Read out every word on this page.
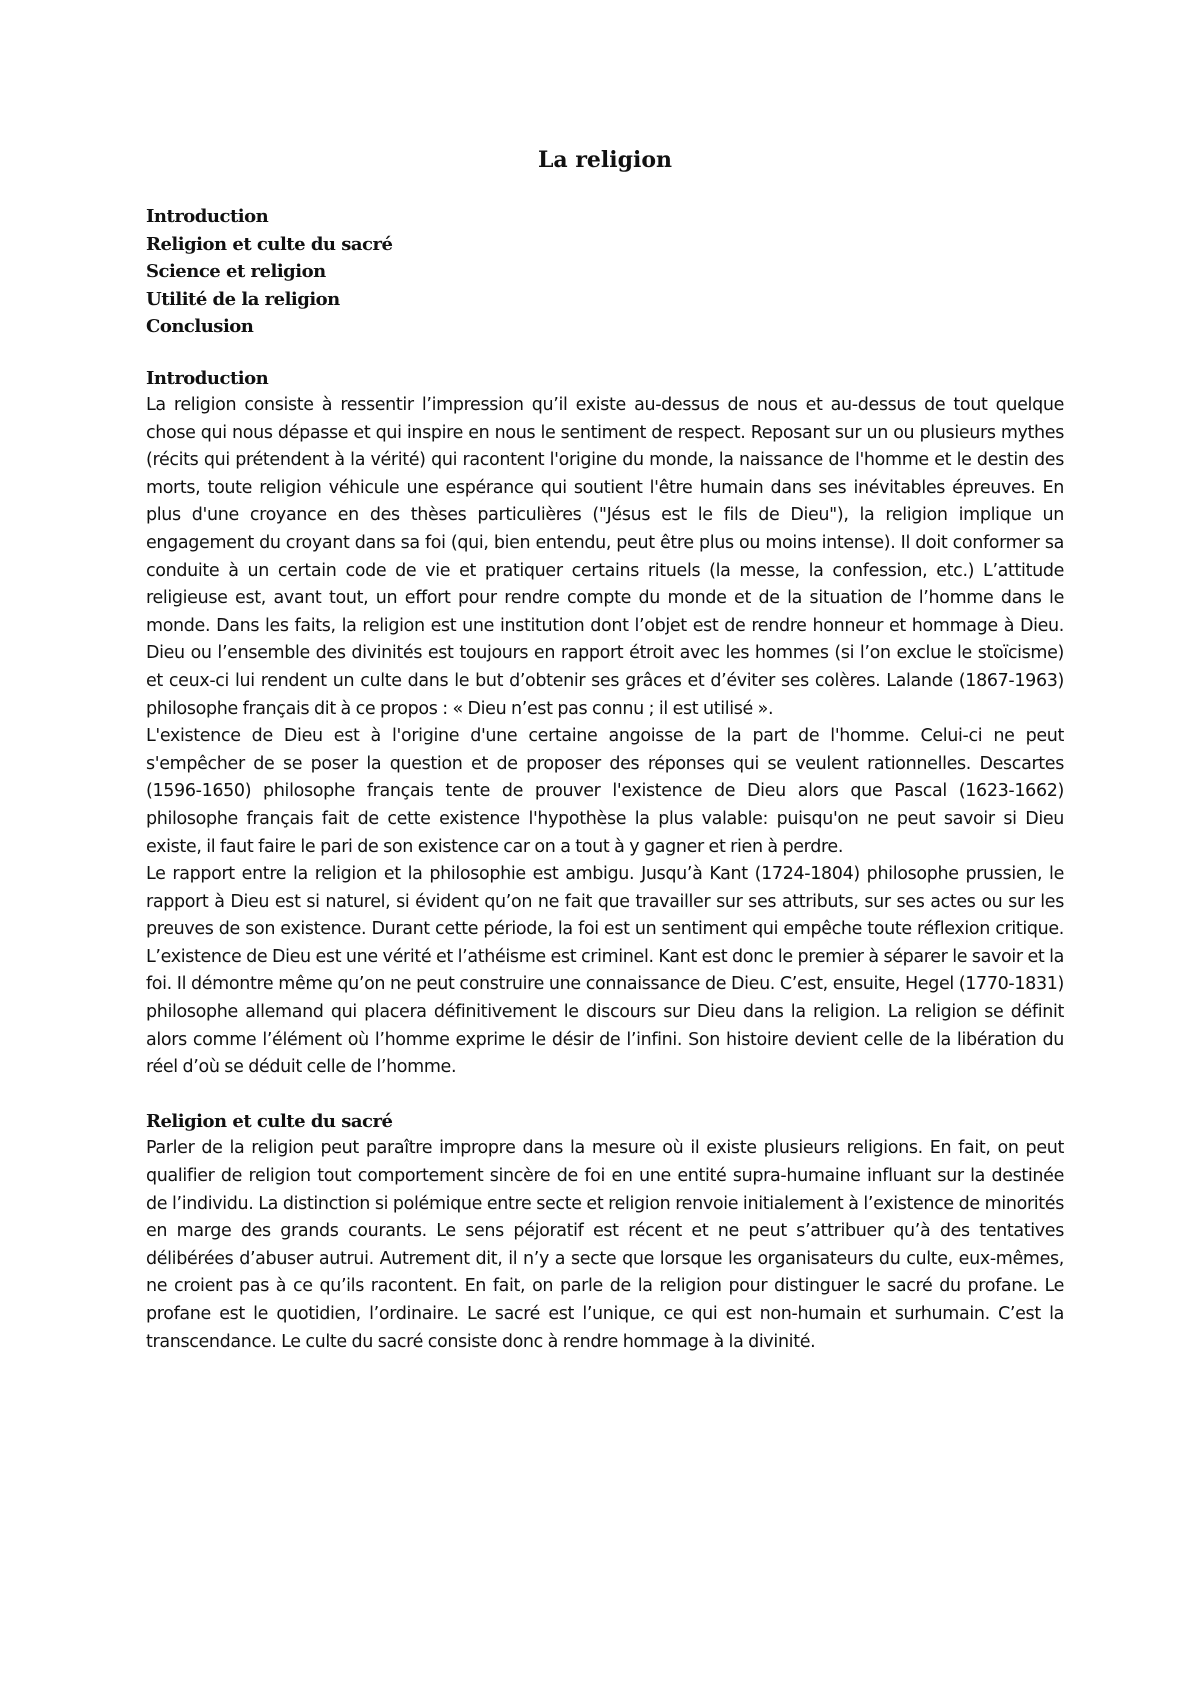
La religion
Introduction
Religion et culte du sacré
Science et religion
Utilité de la religion
Conclusion
Introduction

La religion consiste à ressentir l’impression qu’il existe au-dessus de nous et au-dessus de tout quelque chose qui nous dépasse et qui inspire en nous le sentiment de respect. Reposant sur un ou plusieurs mythes (récits qui prétendent à la vérité) qui racontent l'origine du monde, la naissance de l'homme et le destin des morts, toute religion véhicule une espérance qui soutient l'être humain dans ses inévitables épreuves. En plus d'une croyance en des thèses particulières ("Jésus est le fils de Dieu"), la religion implique un engagement du croyant dans sa foi (qui, bien entendu, peut être plus ou moins intense). Il doit conformer sa conduite à un certain code de vie et pratiquer certains rituels (la messe, la confession, etc.) L’attitude religieuse est, avant tout, un effort pour rendre compte du monde et de la situation de l’homme dans le monde. Dans les faits, la religion est une institution dont l’objet est de rendre honneur et hommage à Dieu. Dieu ou l’ensemble des divinités est toujours en rapport étroit avec les hommes (si l’on exclue le stoïcisme) et ceux-ci lui rendent un culte dans le but d’obtenir ses grâces et d’éviter ses colères. Lalande (1867-1963) philosophe français dit à ce propos : « Dieu n’est pas connu ; il est utilisé ».

L'existence de Dieu est à l'origine d'une certaine angoisse de la part de l'homme. Celui-ci ne peut s'empêcher de se poser la question et de proposer des réponses qui se veulent rationnelles. Descartes (1596-1650) philosophe français tente de prouver l'existence de Dieu alors que Pascal (1623-1662) philosophe français fait de cette existence l'hypothèse la plus valable: puisqu'on ne peut savoir si Dieu existe, il faut faire le pari de son existence car on a tout à y gagner et rien à perdre.

Le rapport entre la religion et la philosophie est ambigu. Jusqu’à Kant (1724-1804) philosophe prussien, le rapport à Dieu est si naturel, si évident qu’on ne fait que travailler sur ses attributs, sur ses actes ou sur les preuves de son existence. Durant cette période, la foi est un sentiment qui empêche toute réflexion critique. L’existence de Dieu est une vérité et l’athéisme est criminel. Kant est donc le premier à séparer le savoir et la foi. Il démontre même qu’on ne peut construire une connaissance de Dieu. C’est, ensuite, Hegel (1770-1831) philosophe allemand qui placera définitivement le discours sur Dieu dans la religion. La religion se définit alors comme l’élément où l’homme exprime le désir de l’infini. Son histoire devient celle de la libération du réel d’où se déduit celle de l’homme.

Religion et culte du sacré

Parler de la religion peut paraître impropre dans la mesure où il existe plusieurs religions. En fait, on peut qualifier de religion tout comportement sincère de foi en une entité supra-humaine influant sur la destinée de l’individu. La distinction si polémique entre secte et religion renvoie initialement à l’existence de minorités en marge des grands courants. Le sens péjoratif est récent et ne peut s’attribuer qu’à des tentatives délibérées d’abuser autrui. Autrement dit, il n’y a secte que lorsque les organisateurs du culte, eux-mêmes, ne croient pas à ce qu’ils racontent. En fait, on parle de la religion pour distinguer le sacré du profane. Le profane est le quotidien, l’ordinaire. Le sacré est l’unique, ce qui est non-humain et surhumain. C’est la transcendance. Le culte du sacré consiste donc à rendre hommage à la divinité.
